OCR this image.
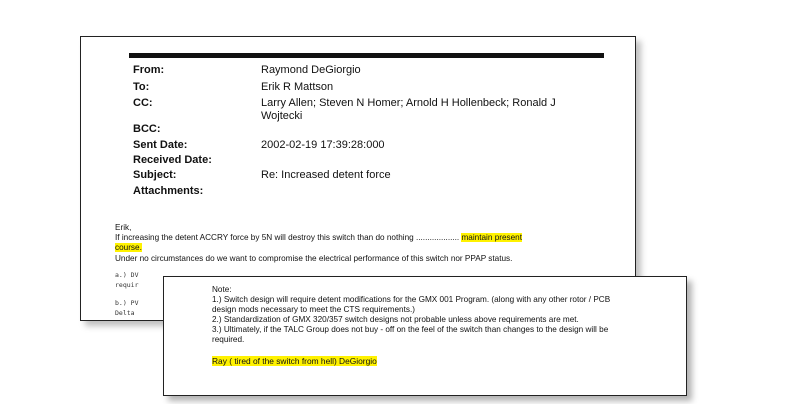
From:	Raymond DeGiorgio
To:	Erik R Mattson
CC:	Larry Allen; Steven N Homer; Arnold H Hollenbeck; Ronald J Wojtecki
BCC:
Sent Date:	2002-02-19 17:39:28:000
Received Date:
Subject:	Re: Increased detent force
Attachments:
Erik,
If increasing the detent ACCRY force by 5N will destroy this switch than do nothing ................... maintain present
course.
Under no circumstances do we want to compromise the electrical performance of this switch nor PPAP status.
a.) DV
requir
b.) PV
Delta
Note:
1.) Switch design will require detent modifications for the GMX 001 Program. (along with any other rotor / PCB
design mods necessary to meet the CTS requirements.)
2.) Standardization of GMX 320/357 switch designs not probable unless above requirements are met.
3.) Ultimately, if the TALC Group does not buy - off on the feel of the switch than changes to the design will be
required.
Ray ( tired of the switch from hell) DeGiorgio
